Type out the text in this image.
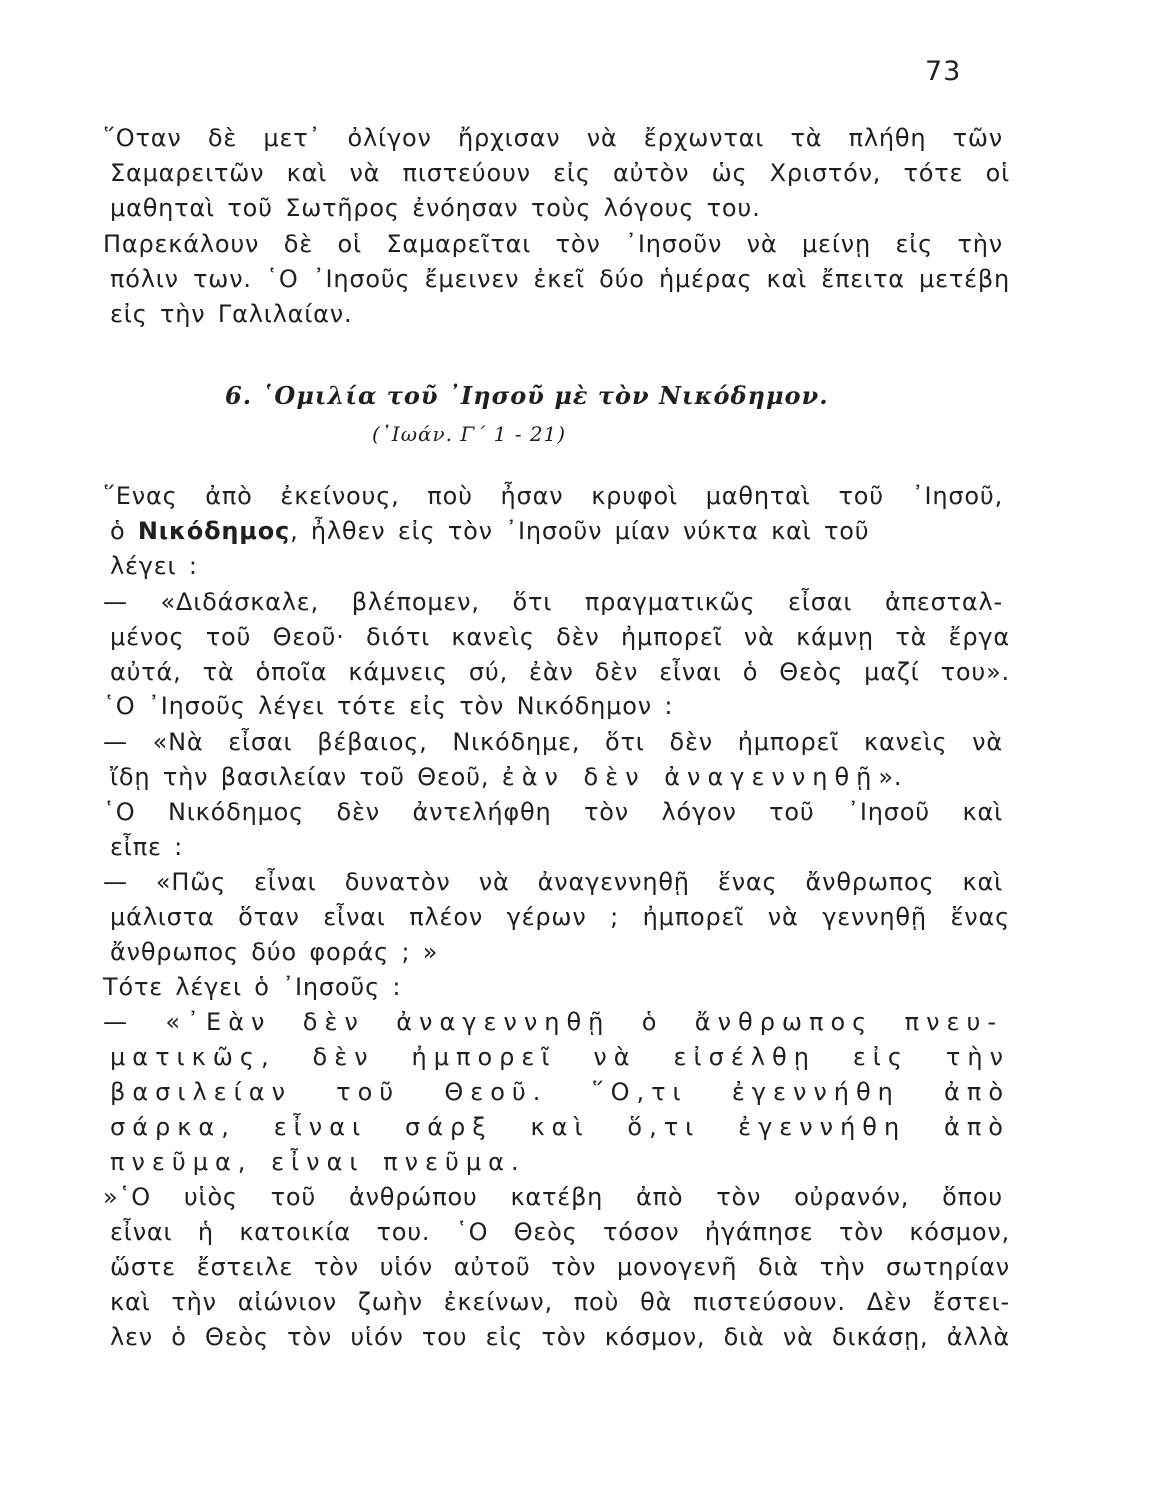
73
῞Οταν δὲ μετ᾿ ὀλίγον ἤρχισαν νὰ ἔρχωνται τὰ πλήθη τῶν
Σαμαρειτῶν καὶ νὰ πιστεύουν εἰς αὐτὸν ὡς Χριστόν, τότε οἱ
μαθηταὶ τοῦ Σωτῆρος ἐνόησαν τοὺς λόγους του.
Παρεκάλουν δὲ οἱ Σαμαρεῖται τὸν ᾿Ιησοῦν νὰ μείνῃ εἰς τὴν
πόλιν των. ῾Ο ᾿Ιησοῦς ἔμεινεν ἐκεῖ δύο ἡμέρας καὶ ἔπειτα μετέβη
εἰς τὴν Γαλιλαίαν.
6. ῾Ομιλία τοῦ ᾿Ιησοῦ μὲ τὸν Νικόδημον.
(᾿Ιωάν. Γ΄ 1 - 21)
῞Ενας ἀπὸ ἐκείνους, ποὺ ἦσαν κρυφοὶ μαθηταὶ τοῦ ᾿Ιησοῦ,
ὁ Νικόδημος, ἦλθεν εἰς τὸν ᾿Ιησοῦν μίαν νύκτα καὶ τοῦ
λέγει :
— «Διδάσκαλε, βλέπομεν, ὅτι πραγματικῶς εἶσαι ἀπεσταλ-
μένος τοῦ Θεοῦ· διότι κανεὶς δὲν ἠμπορεῖ νὰ κάμνῃ τὰ ἔργα
αὐτά, τὰ ὁποῖα κάμνεις σύ, ἐὰν δὲν εἶναι ὁ Θεὸς μαζί του».
῾Ο ᾿Ιησοῦς λέγει τότε εἰς τὸν Νικόδημον :
— «Νὰ εἶσαι βέβαιος, Νικόδημε, ὅτι δὲν ἠμπορεῖ κανεὶς νὰ
ἴδῃ τὴν βασιλείαν τοῦ Θεοῦ, ἐὰν δὲν ἀναγεννηθῇ».
῾Ο Νικόδημος δὲν ἀντελήφθη τὸν λόγον τοῦ ᾿Ιησοῦ καὶ
εἶπε :
— «Πῶς εἶναι δυνατὸν νὰ ἀναγεννηθῇ ἕνας ἄνθρωπος καὶ
μάλιστα ὅταν εἶναι πλέον γέρων ; ἠμπορεῖ νὰ γεννηθῇ ἕνας
ἄνθρωπος δύο φοράς ; »
Τότε λέγει ὁ ᾿Ιησοῦς :
— «᾿Εὰν δὲν ἀναγεννηθῇ ὁ ἄνθρωπος πνευ-
ματικῶς, δὲν ἠμπορεῖ νὰ εἰσέλθῃ εἰς τὴν
βασιλείαν τοῦ Θεοῦ. ῞Ο,τι ἐγεννήθη ἀπὸ
σάρκα, εἶναι σάρξ καὶ ὅ,τι ἐγεννήθη ἀπὸ
πνεῦμα, εἶναι πνεῦμα.
»῾Ο υἱὸς τοῦ ἀνθρώπου κατέβη ἀπὸ τὸν οὐρανόν, ὅπου
εἶναι ἡ κατοικία του. ῾Ο Θεὸς τόσον ἠγάπησε τὸν κόσμον,
ὥστε ἔστειλε τὸν υἱόν αὐτοῦ τὸν μονογενῆ διὰ τὴν σωτηρίαν
καὶ τὴν αἰώνιον ζωὴν ἐκείνων, ποὺ θὰ πιστεύσουν. Δὲν ἔστει-
λεν ὁ Θεὸς τὸν υἱόν του εἰς τὸν κόσμον, διὰ νὰ δικάσῃ, ἀλλὰ
